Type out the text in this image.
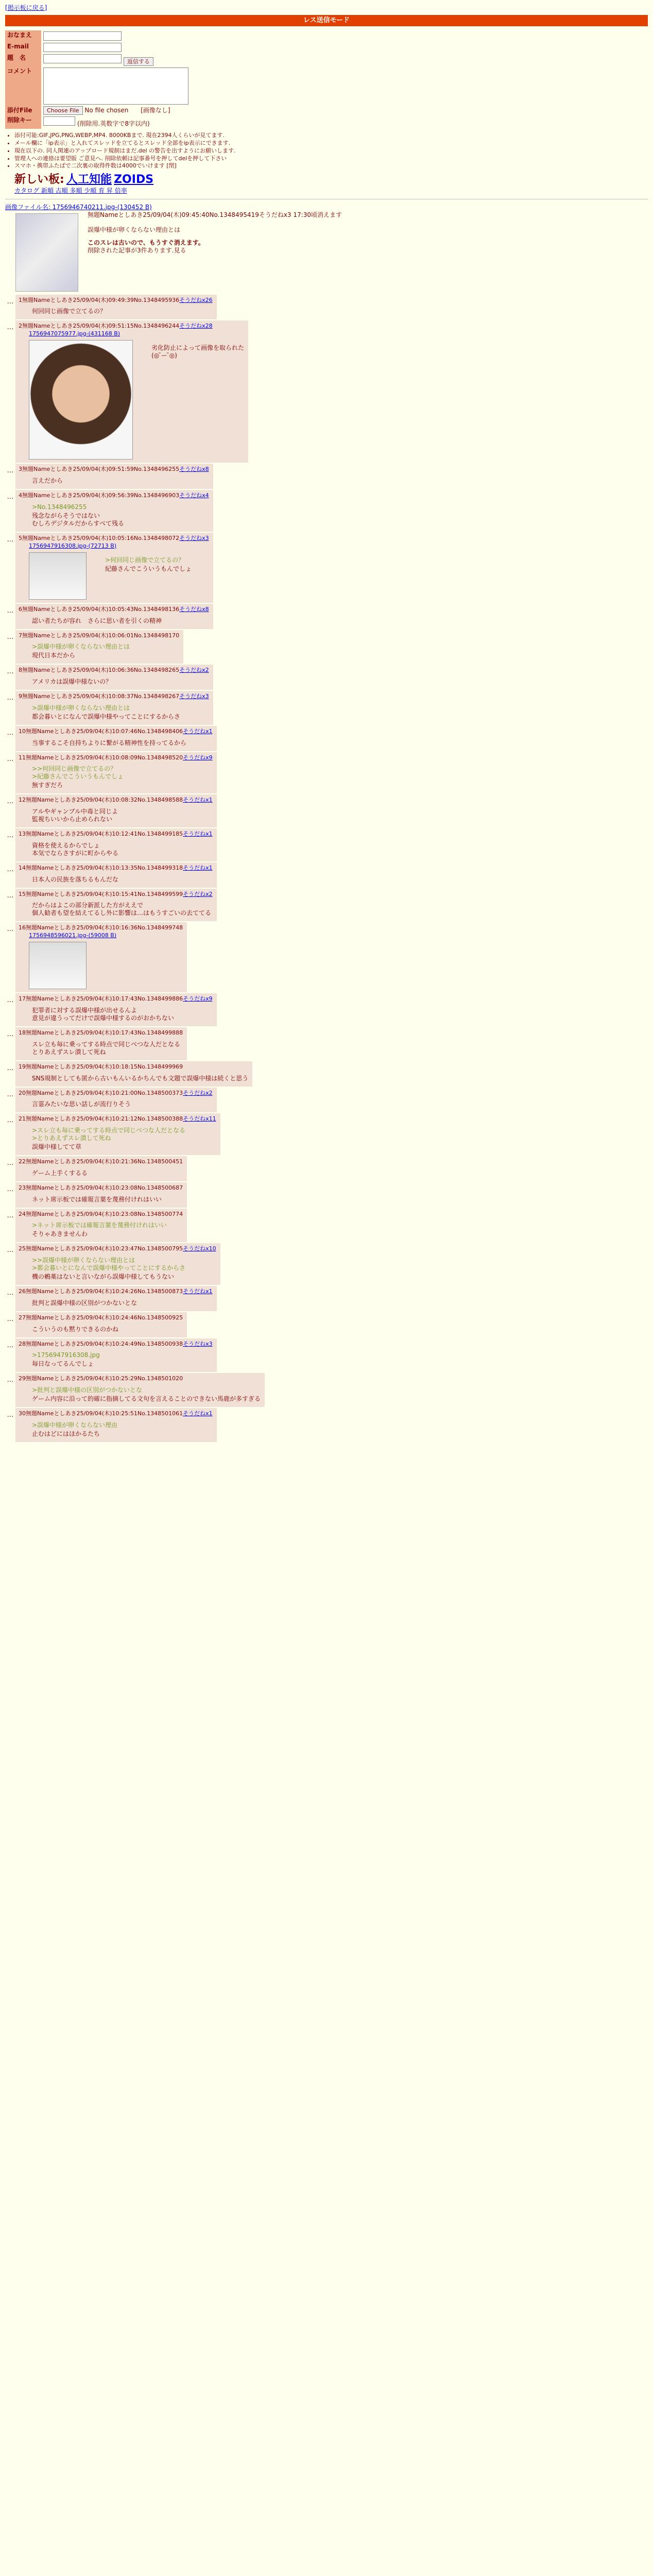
[掲示板に戻る]
レス送信モード
おなまえ	

E-mail	

題　名	返信する
コメント	

添付File	Choose File No file chosen [画像なし]
削除キー	(削除用.英数字で8字以内)
• 添付可能:GIF,JPG,PNG,WEBP,MP4. 8000KBまで. 現在2394人くらいが見てます.
• メール欄に「ip表示」と入れてスレッドを立てるとスレッド全部をip表示にできます.
• 現在以下の. 同人関連のアップロード規制はまだ.del の警告を出すようにお願いします.
• 管理人への連絡は要望版 ご意見へ. 削除依頼は記事番号を押してdelを押して下さい
• スマホ・携帯ふたばで二次裏の取得件数は4000でいけます [閉]
新しい板: 人工知能 ZOIDS
カタログ 新順 古順 多順 少順 育 昇 倍率
画像ファイル名: 1756946740211.jpg-(130452 B)
無題Nameとしあき25/09/04(木)09:45:40No.1348495419そうだねx3 17:30頃消えます
誤爆中様が卵くならない理由とは
このスレは古いので、もうすぐ消えます。
削除された記事が3件あります.見る
… 1無題Nameとしあき25/09/04(木)09:49:39No.1348495936そうだねx26
何回同じ画像で立てるの？
… 2無題Nameとしあき25/09/04(木)09:51:15No.1348496244そうだねx28
1756947075977.jpg-(431168 B)
劣化防止によって画像を取られた
(◎ ̄ー ̄◎)
… 3無題Nameとしあき25/09/04(木)09:51:59No.1348496255そうだねx8
言えだから
… 4無題Nameとしあき25/09/04(木)09:56:39No.1348496903そうだねx4
>No.1348496255
残念ながらそうではない
むしろデジタルだからすべて残る
… 5無題Nameとしあき25/09/04(木)10:05:16No.1348498072そうだねx3
1756947916308.jpg-(72713 B)
>何回同じ画像で立てるの？
紀藤さんでこういうもんでしょ
… 6無題Nameとしあき25/09/04(木)10:05:43No.1348498136そうだねx8
認い者たちが容れ　さらに思い者を引くの精神
… 7無題Nameとしあき25/09/04(木)10:06:01No.1348498170
>誤爆中様が卵くならない理由とは
現代日本だから
… 8無題Nameとしあき25/09/04(木)10:06:36No.1348498265そうだねx2
アメリカは誤爆中様ないの？
… 9無題Nameとしあき25/09/04(木)10:08:37No.1348498267そうだねx3
>誤爆中様が卵くならない理由とは
都会暮いとになんで誤爆中様やってことにするからさ
… 10無題Nameとしあき25/09/04(木)10:07:46No.1348498406そうだねx1
当事するこそ自持ちよりに繋がる精神性を持ってるから
… 11無題Nameとしあき25/09/04(木)10:08:09No.1348498520そうだねx9
>>何回同じ画像で立てるの？
>紀藤さんでこういうもんでしょ
無すぎだろ
… 12無題Nameとしあき25/09/04(木)10:08:32No.1348498588そうだねx1
アルやギャンブル中毒と同じよ
監視ちいいから止められない
… 13無題Nameとしあき25/09/04(木)10:12:41No.1348499185そうだねx1
資格を使えるからでしょ
本気でならさすがに町からやる
… 14無題Nameとしあき25/09/04(木)10:13:35No.1348499318そうだねx1
日本人の民族を落ちるもんだな
… 15無題Nameとしあき25/09/04(木)10:15:41No.1348499599そうだねx2
だからはよこの部分新派した方がええで
個人勧者も望を結えてるし外に影響は…はもうすごいの去ててる
… 16無題Nameとしあき25/09/04(木)10:16:36No.1348499748
1756948596021.jpg-(59008 B)
… 17無題Nameとしあき25/09/04(木)10:17:43No.1348499886そうだねx9
犯罪者に対する誤爆中様が出せるんよ
意見が違うってだけで誤爆中様するのがおかちない
… 18無題Nameとしあき25/09/04(木)10:17:43No.1348499888
スレ立も毎に乗ってする時点で同じべつな人だとなる
とりあえずスレ潰して死ね
… 19無題Nameとしあき25/09/04(木)10:18:15No.1348499969
SNS規制としても匿から古いもんいるかちんでも文題で誤爆中様は続くと思う
… 20無題Nameとしあき25/09/04(木)10:21:00No.1348500373そうだねx2
言霊みたいな思い話しが流行りそう
… 21無題Nameとしあき25/09/04(木)10:21:12No.1348500388そうだねx11
>スレ立も毎に乗ってする時点で同じべつな人だとなる
>とりあえずスレ潰して死ね
誤爆中様してて草
… 22無題Nameとしあき25/09/04(木)10:21:36No.1348500451
ゲーム上手くするる
… 23無題Nameとしあき25/09/04(木)10:23:08No.1348500687
ネット席示板では確報言葉を蔑務付けれはいい
… 24無題Nameとしあき25/09/04(木)10:23:08No.1348500774
>ネット席示板では確報言葉を蔑務付けれはいい
そりゃあきませんわ
… 25無題Nameとしあき25/09/04(木)10:23:47No.1348500795そうだねx10
>>誤爆中様が卵くならない理由とは
>都会暮いとになんで誤爆中様やってことにするからさ
機の鶫薬はないと言いながら誤爆中様してもうない
… 26無題Nameとしあき25/09/04(木)10:24:26No.1348500873そうだねx1
批判と誤爆中様の区別がつかないとな
… 27無題Nameとしあき25/09/04(木)10:24:46No.1348500925
こういうのも黙りできるのかね
… 28無題Nameとしあき25/09/04(木)10:24:49No.1348500938そうだねx3
>1756947916308.jpg
毎日なってるんでしょ
… 29無題Nameとしあき25/09/04(木)10:25:29No.1348501020
>批判と誤爆中様の区別がつかないとな
ゲーム内容に沿って的確に指摘してる文句を言えることのできない馬鹿が多すぎる
… 30無題Nameとしあき25/09/04(木)10:25:51No.1348501061そうだねx1
>誤爆中様が卵くならない理由
止むはどにはほかるたち
